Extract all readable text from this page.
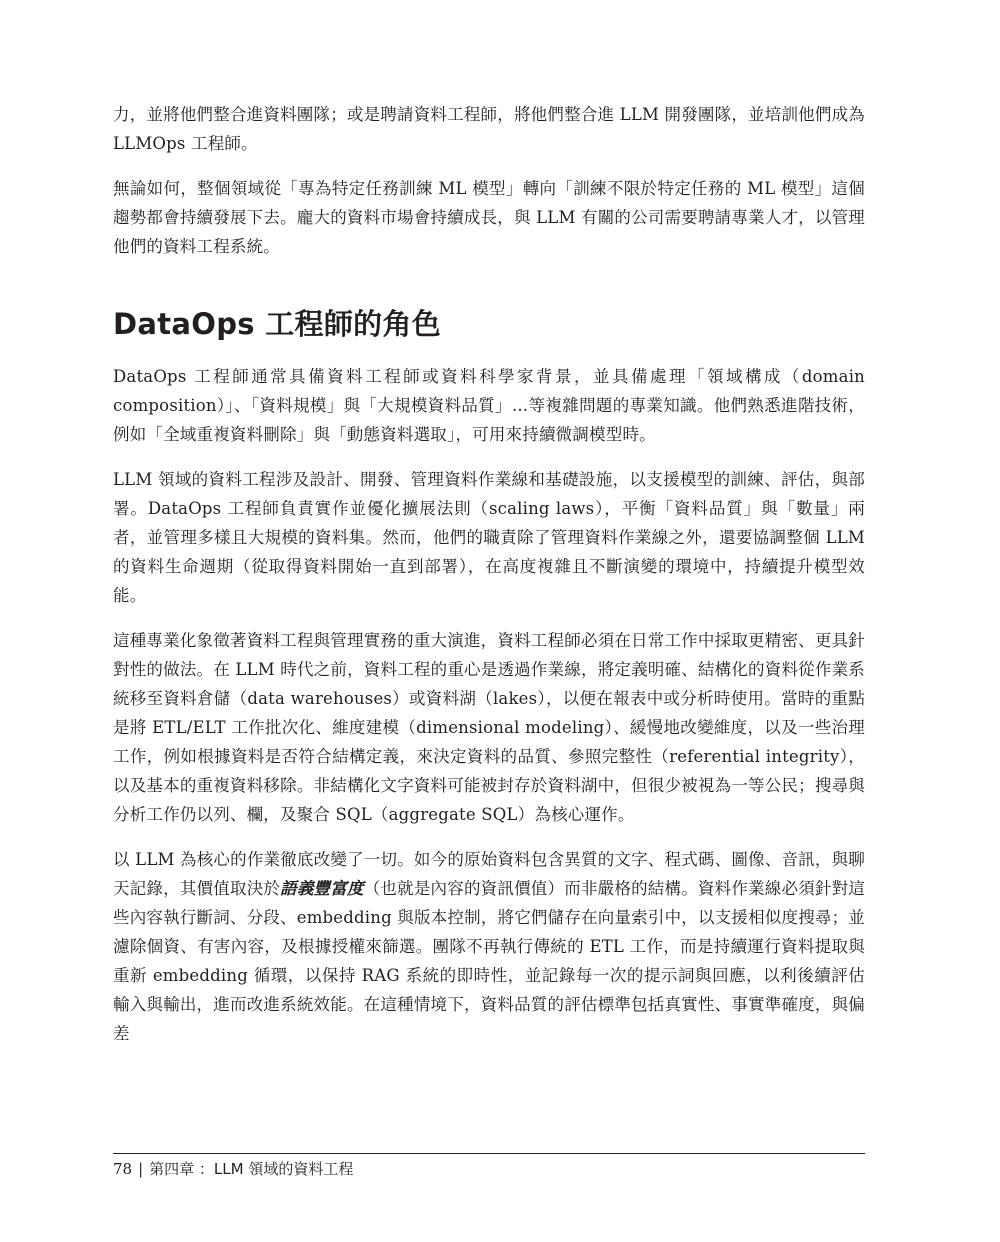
力，並將他們整合進資料團隊；或是聘請資料工程師，將他們整合進 LLM 開發團隊，並培訓他們成為 LLMOps 工程師。

無論如何，整個領域從「專為特定任務訓練 ML 模型」轉向「訓練不限於特定任務的 ML 模型」這個趨勢都會持續發展下去。龐大的資料市場會持續成長，與 LLM 有關的公司需要聘請專業人才，以管理他們的資料工程系統。

DataOps 工程師的角色

DataOps 工程師通常具備資料工程師或資料科學家背景，並具備處理「領域構成（domain composition）」、「資料規模」與「大規模資料品質」…等複雜問題的專業知識。他們熟悉進階技術，例如「全域重複資料刪除」與「動態資料選取」，可用來持續微調模型時。

LLM 領域的資料工程涉及設計、開發、管理資料作業線和基礎設施，以支援模型的訓練、評估，與部署。DataOps 工程師負責實作並優化擴展法則（scaling laws），平衡「資料品質」與「數量」兩者，並管理多樣且大規模的資料集。然而，他們的職責除了管理資料作業線之外，還要協調整個 LLM 的資料生命週期（從取得資料開始一直到部署），在高度複雜且不斷演變的環境中，持續提升模型效能。

這種專業化象徵著資料工程與管理實務的重大演進，資料工程師必須在日常工作中採取更精密、更具針對性的做法。在 LLM 時代之前，資料工程的重心是透過作業線，將定義明確、結構化的資料從作業系統移至資料倉儲（data warehouses）或資料湖（lakes），以便在報表中或分析時使用。當時的重點是將 ETL/ELT 工作批次化、維度建模（dimensional modeling）、緩慢地改變維度，以及一些治理工作，例如根據資料是否符合結構定義，來決定資料的品質、參照完整性（referential integrity），以及基本的重複資料移除。非結構化文字資料可能被封存於資料湖中，但很少被視為一等公民；搜尋與分析工作仍以列、欄，及聚合 SQL（aggregate SQL）為核心運作。

以 LLM 為核心的作業徹底改變了一切。如今的原始資料包含異質的文字、程式碼、圖像、音訊，與聊天記錄，其價值取決於語義豐富度（也就是內容的資訊價值）而非嚴格的結構。資料作業線必須針對這些內容執行斷詞、分段、embedding 與版本控制，將它們儲存在向量索引中，以支援相似度搜尋；並濾除個資、有害內容，及根據授權來篩選。團隊不再執行傳統的 ETL 工作，而是持續運行資料提取與重新 embedding 循環，以保持 RAG 系統的即時性，並記錄每一次的提示詞與回應，以利後續評估輸入與輸出，進而改進系統效能。在這種情境下，資料品質的評估標準包括真實性、事實準確度，與偏差

78 | 第四章 ：LLM 領域的資料工程
